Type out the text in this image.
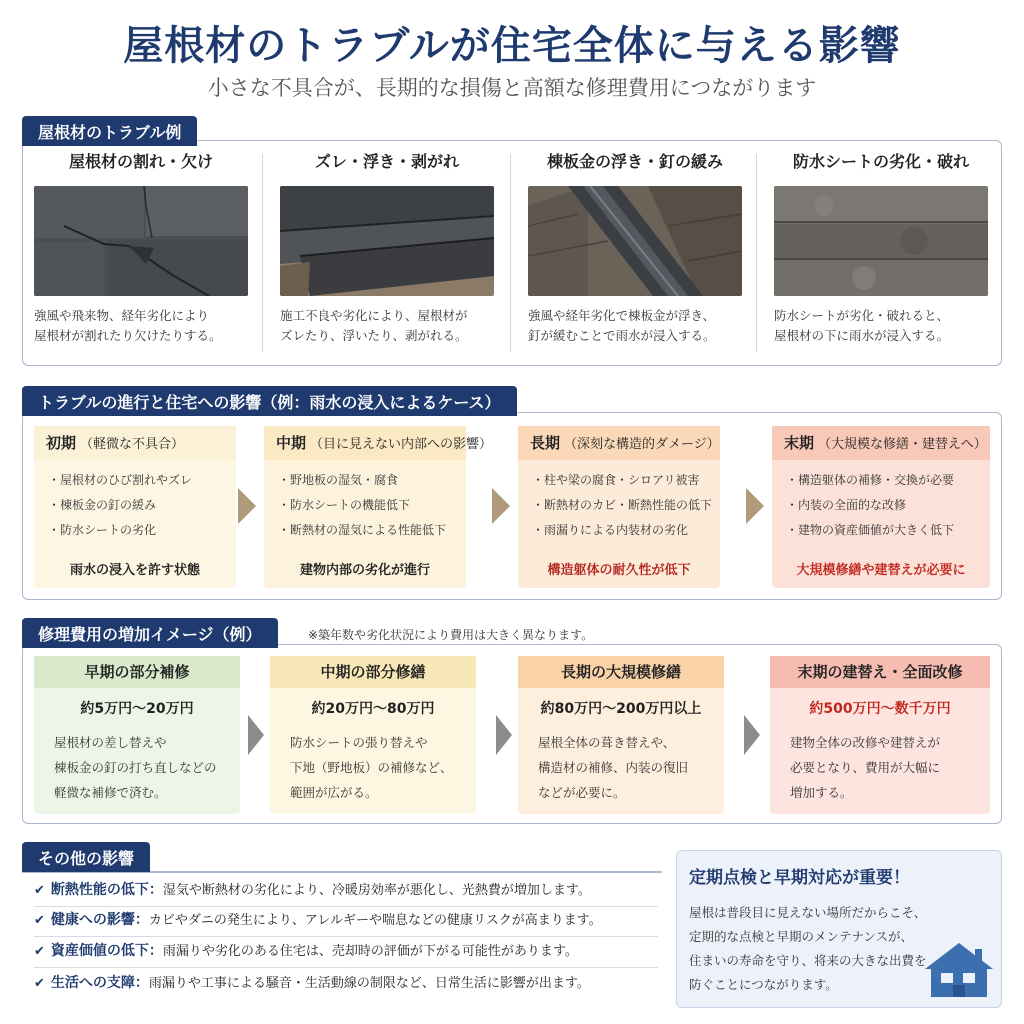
屋根材のトラブルが住宅全体に与える影響
小さな不具合が、長期的な損傷と高額な修理費用につながります
屋根材のトラブル例
屋根材の割れ・欠け
強風や飛来物、経年劣化により
屋根材が割れたり欠けたりする。
ズレ・浮き・剥がれ
施工不良や劣化により、屋根材が
ズレたり、浮いたり、剥がれる。
棟板金の浮き・釘の緩み
強風や経年劣化で棟板金が浮き、
釘が緩むことで雨水が浸入する。
防水シートの劣化・破れ
防水シートが劣化・破れると、
屋根材の下に雨水が浸入する。
トラブルの進行と住宅への影響（例：雨水の浸入によるケース）
初期 （軽微な不具合）
・屋根材のひび割れやズレ
・棟板金の釘の緩み
・防水シートの劣化
雨水の浸入を許す状態
中期 （目に見えない内部への影響）
・野地板の湿気・腐食
・防水シートの機能低下
・断熱材の湿気による性能低下
建物内部の劣化が進行
長期 （深刻な構造的ダメージ）
・柱や梁の腐食・シロアリ被害
・断熱材のカビ・断熱性能の低下
・雨漏りによる内装材の劣化
構造躯体の耐久性が低下
末期 （大規模な修繕・建替えへ）
・構造躯体の補修・交換が必要
・内装の全面的な改修
・建物の資産価値が大きく低下
大規模修繕や建替えが必要に
修理費用の増加イメージ（例）	※築年数や劣化状況により費用は大きく異なります。
早期の部分補修
約5万円〜20万円
屋根材の差し替えや
棟板金の釘の打ち直しなどの
軽微な補修で済む。
中期の部分修繕
約20万円〜80万円
防水シートの張り替えや
下地（野地板）の補修など、
範囲が広がる。
長期の大規模修繕
約80万円〜200万円以上
屋根全体の葺き替えや、
構造材の補修、内装の復旧
などが必要に。
末期の建替え・全面改修
約500万円〜数千万円
建物全体の改修や建替えが
必要となり、費用が大幅に
増加する。
その他の影響
✔ 断熱性能の低下：湿気や断熱材の劣化により、冷暖房効率が悪化し、光熱費が増加します。
✔ 健康への影響：カビやダニの発生により、アレルギーや喘息などの健康リスクが高まります。
✔ 資産価値の低下：雨漏りや劣化のある住宅は、売却時の評価が下がる可能性があります。
✔ 生活への支障：雨漏りや工事による騒音・生活動線の制限など、日常生活に影響が出ます。
定期点検と早期対応が重要！
屋根は普段目に見えない場所だからこそ、
定期的な点検と早期のメンテナンスが、
住まいの寿命を守り、将来の大きな出費を
防ぐことにつながります。
